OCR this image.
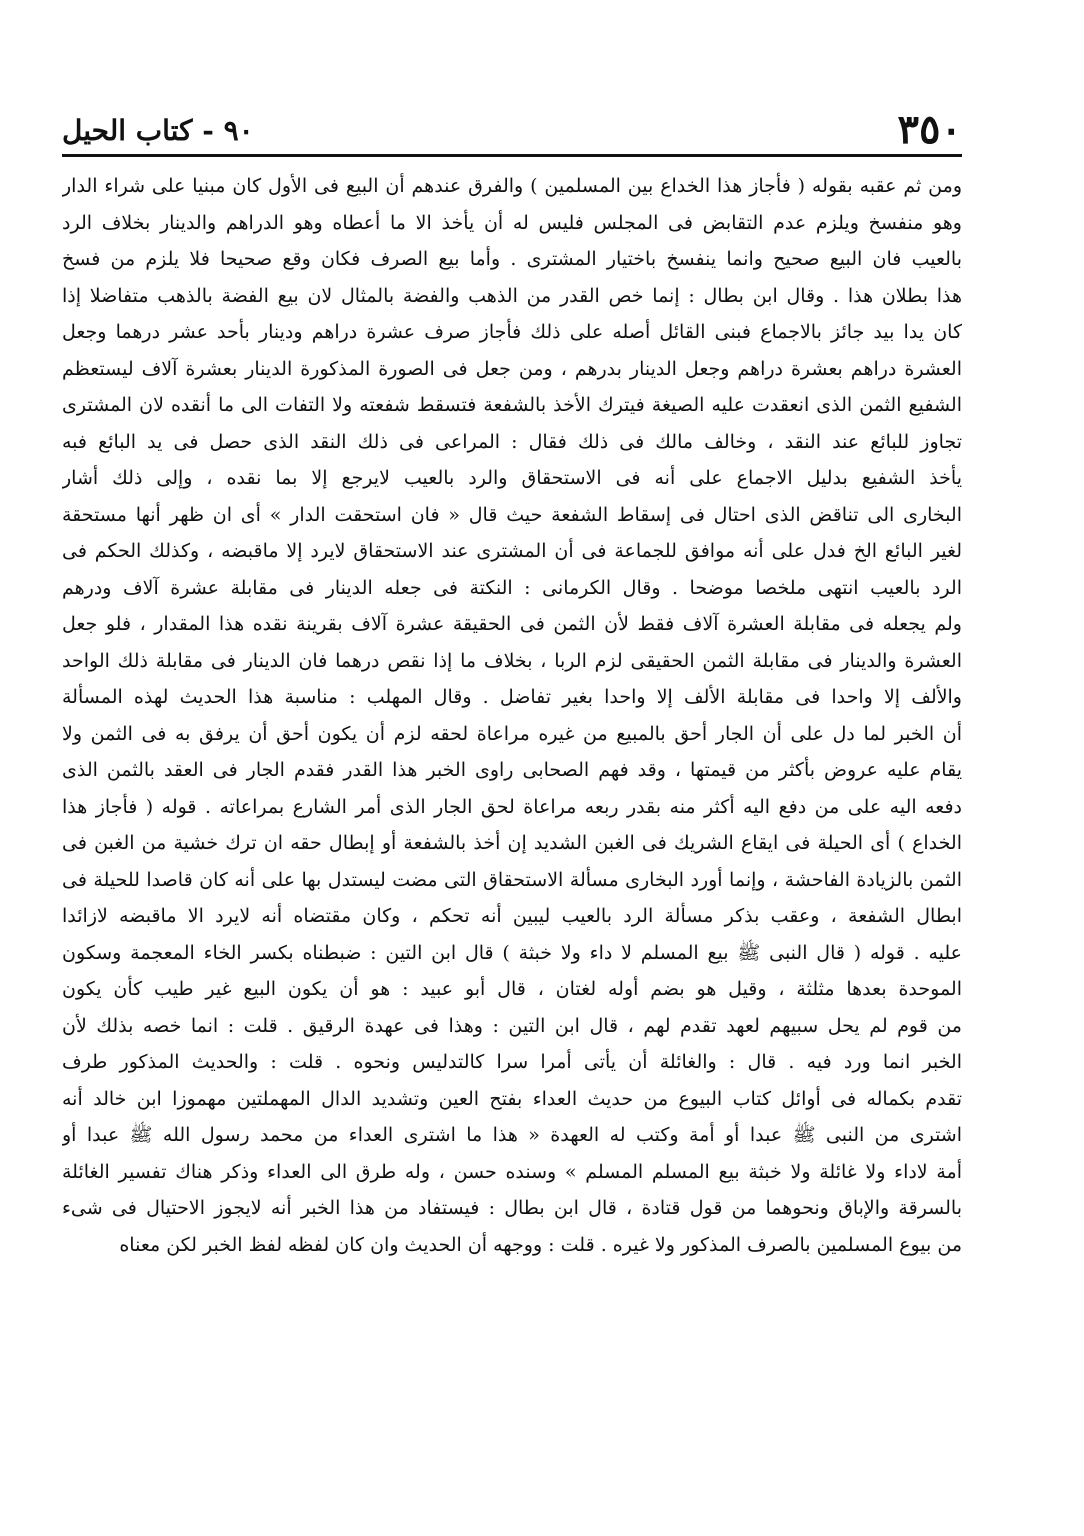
٣٥٠
٩٠ - كتاب الحيل
ومن ثم عقبه بقوله ( فأجاز هذا الخداع بين المسلمين ) والفرق عندهم أن البيع فى الأول كان مبنيا على شراء الدار
وهو منفسخ ويلزم عدم التقابض فى المجلس فليس له أن يأخذ الا ما أعطاه وهو الدراهم والدينار بخلاف الرد
بالعيب فان البيع صحيح وانما ينفسخ باختيار المشترى . وأما بيع الصرف فكان وقع صحيحا فلا يلزم من فسخ
هذا بطلان هذا . وقال ابن بطال : إنما خص القدر من الذهب والفضة بالمثال لان بيع الفضة بالذهب متفاضلا إذا
كان يدا بيد جائز بالاجماع فبنى القائل أصله على ذلك فأجاز صرف عشرة دراهم ودينار بأحد عشر درهما وجعل
العشرة دراهم بعشرة دراهم وجعل الدينار بدرهم ، ومن جعل فى الصورة المذكورة الدينار بعشرة آلاف ليستعظم
الشفيع الثمن الذى انعقدت عليه الصيغة فيترك الأخذ بالشفعة فتسقط شفعته ولا التفات الى ما أنقده لان المشترى
تجاوز للبائع عند النقد ، وخالف مالك فى ذلك فقال : المراعى فى ذلك النقد الذى حصل فى يد البائع فبه
يأخذ الشفيع بدليل الاجماع على أنه فى الاستحقاق والرد بالعيب لايرجع إلا بما نقده ، وإلى ذلك أشار
البخارى الى تناقض الذى احتال فى إسقاط الشفعة حيث قال « فان استحقت الدار » أى ان ظهر أنها مستحقة
لغير البائع الخ فدل على أنه موافق للجماعة فى أن المشترى عند الاستحقاق لايرد إلا ماقبضه ، وكذلك الحكم فى
الرد بالعيب انتهى ملخصا موضحا . وقال الكرمانى : النكتة فى جعله الدينار فى مقابلة عشرة آلاف ودرهم
ولم يجعله فى مقابلة العشرة آلاف فقط لأن الثمن فى الحقيقة عشرة آلاف بقرينة نقده هذا المقدار ، فلو جعل
العشرة والدينار فى مقابلة الثمن الحقيقى لزم الربا ، بخلاف ما إذا نقص درهما فان الدينار فى مقابلة ذلك الواحد
والألف إلا واحدا فى مقابلة الألف إلا واحدا بغير تفاضل . وقال المهلب : مناسبة هذا الحديث لهذه المسألة
أن الخبر لما دل على أن الجار أحق بالمبيع من غيره مراعاة لحقه لزم أن يكون أحق أن يرفق به فى الثمن ولا
يقام عليه عروض بأكثر من قيمتها ، وقد فهم الصحابى راوى الخبر هذا القدر فقدم الجار فى العقد بالثمن الذى
دفعه اليه على من دفع اليه أكثر منه بقدر ربعه مراعاة لحق الجار الذى أمر الشارع بمراعاته . قوله ( فأجاز هذا
الخداع ) أى الحيلة فى ايقاع الشريك فى الغبن الشديد إن أخذ بالشفعة أو إبطال حقه ان ترك خشية من الغبن فى
الثمن بالزيادة الفاحشة ، وإنما أورد البخارى مسألة الاستحقاق التى مضت ليستدل بها على أنه كان قاصدا للحيلة فى
ابطال الشفعة ، وعقب بذكر مسألة الرد بالعيب ليبين أنه تحكم ، وكان مقتضاه أنه لايرد الا ماقبضه لازائدا
عليه . قوله ( قال النبى ﷺ بيع المسلم لا داء ولا خبثة ) قال ابن التين : ضبطناه بكسر الخاء المعجمة وسكون
الموحدة بعدها مثلثة ، وقيل هو بضم أوله لغتان ، قال أبو عبيد : هو أن يكون البيع غير طيب كأن يكون
من قوم لم يحل سبيهم لعهد تقدم لهم ، قال ابن التين : وهذا فى عهدة الرقيق . قلت : انما خصه بذلك لأن
الخبر انما ورد فيه . قال : والغائلة أن يأتى أمرا سرا كالتدليس ونحوه . قلت : والحديث المذكور طرف
تقدم بكماله فى أوائل كتاب البيوع من حديث العداء بفتح العين وتشديد الدال المهملتين مهموزا ابن خالد أنه
اشترى من النبى ﷺ عبدا أو أمة وكتب له العهدة « هذا ما اشترى العداء من محمد رسول الله ﷺ عبدا أو
أمة لاداء ولا غائلة ولا خبثة بيع المسلم المسلم » وسنده حسن ، وله طرق الى العداء وذكر هناك تفسير الغائلة
بالسرقة والإباق ونحوهما من قول قتادة ، قال ابن بطال : فيستفاد من هذا الخبر أنه لايجوز الاحتيال فى شىء
من بيوع المسلمين بالصرف المذكور ولا غيره . قلت : ووجهه أن الحديث وان كان لفظه لفظ الخبر لكن معناه
